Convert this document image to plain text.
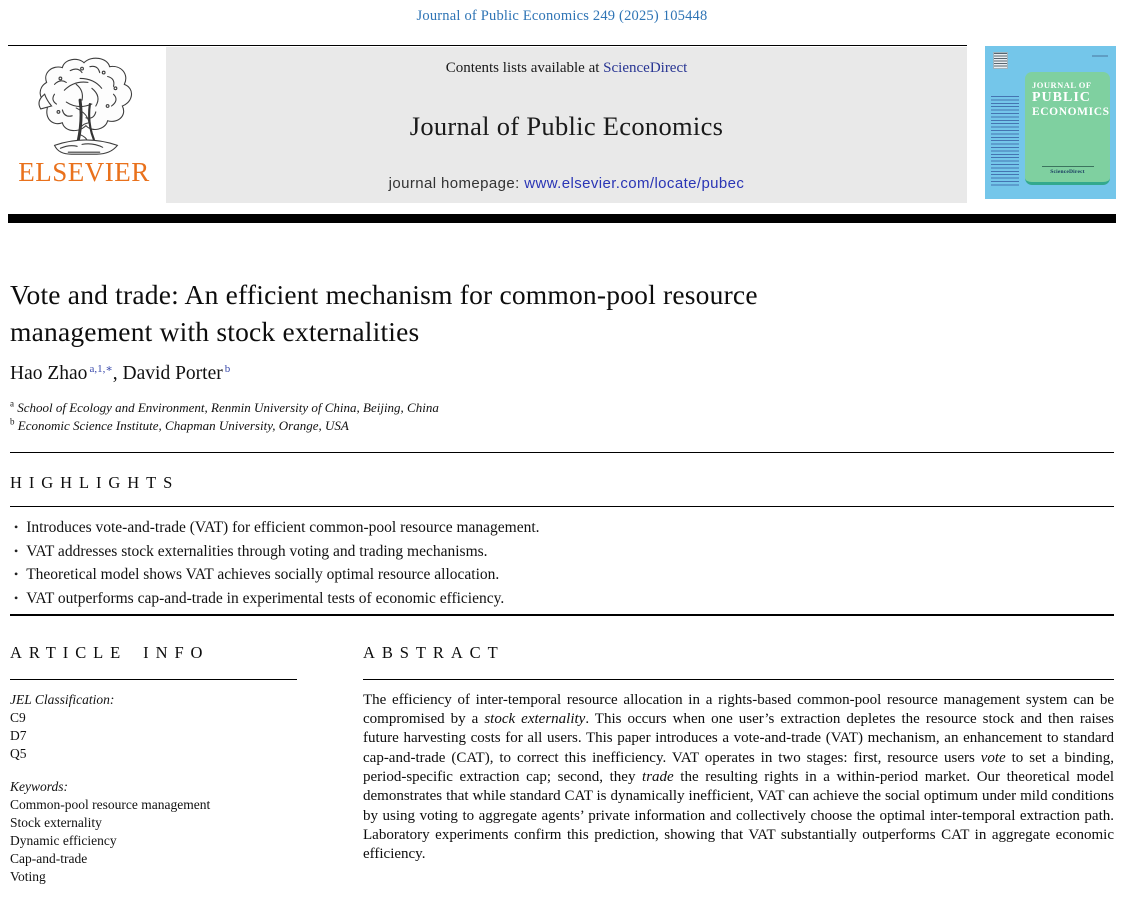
Journal of Public Economics 249 (2025) 105448
ELSEVIER
Contents lists available at ScienceDirect
Journal of Public Economics
journal homepage: www.elsevier.com/locate/pubec
JOURNAL OF
PUBLIC
ECONOMICS
ScienceDirect
Vote and trade: An efficient mechanism for common-pool resource management with stock externalities
Hao Zhao $^{a,1,∗}$ , David Porter $^b$
$^a$ School of Ecology and Environment, Renmin University of China, Beijing, China
$^b$ Economic Science Institute, Chapman University, Orange, USA
HIGHLIGHTS
• Introduces vote-and-trade (VAT) for efficient common-pool resource management.
• VAT addresses stock externalities through voting and trading mechanisms.
• Theoretical model shows VAT achieves socially optimal resource allocation.
• VAT outperforms cap-and-trade in experimental tests of economic efficiency.
ARTICLE INFO
JEL Classification:
C9
D7
Q5
Keywords:
Common-pool resource management
Stock externality
Dynamic efficiency
Cap-and-trade
Voting
ABSTRACT

The efficiency of inter-temporal resource allocation in a rights-based common-pool resource management system can be compromised by a stock externality. This occurs when one user’s extraction depletes the resource stock and then raises future harvesting costs for all users. This paper introduces a vote-and-trade (VAT) mechanism, an enhancement to standard cap-and-trade (CAT), to correct this inefficiency. VAT operates in two stages: first, resource users vote to set a binding, period-specific extraction cap; second, they trade the resulting rights in a within-period market. Our theoretical model demonstrates that while standard CAT is dynamically inefficient, VAT can achieve the social optimum under mild conditions by using voting to aggregate agents’ private information and collectively choose the optimal inter-temporal extraction path. Laboratory experiments confirm this prediction, showing that VAT substantially outperforms CAT in aggregate economic efficiency.
